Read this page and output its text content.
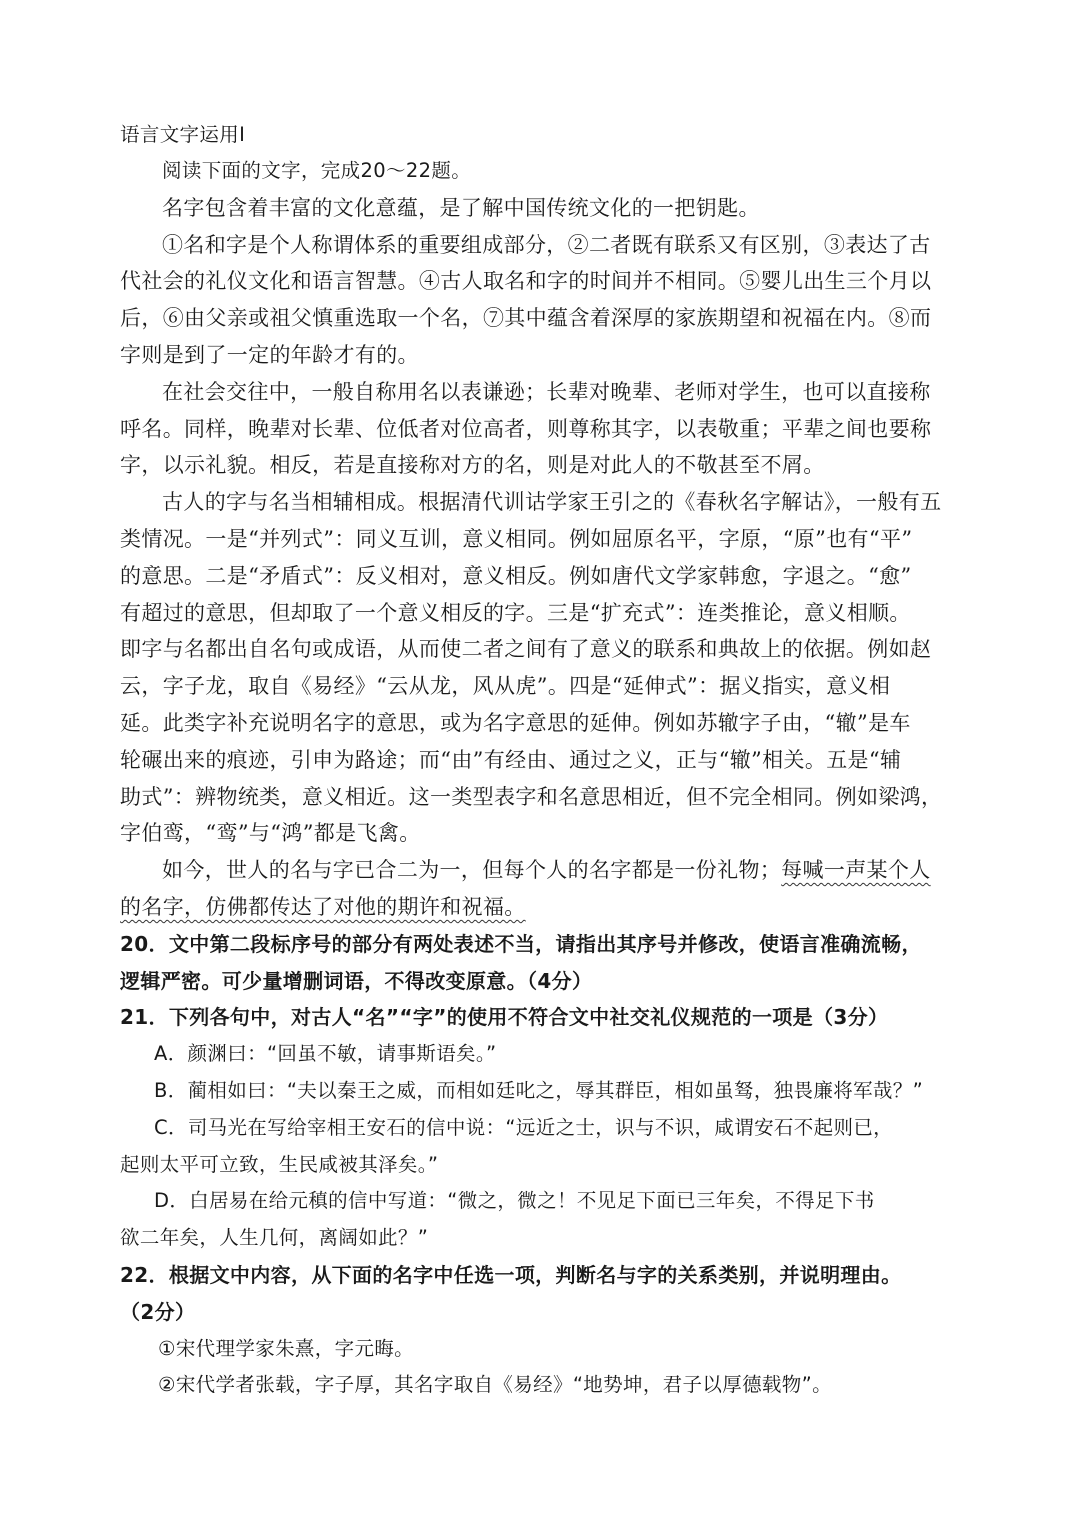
语言文字运用Ⅰ
阅读下面的文字，完成20～22题。
名字包含着丰富的文化意蕴，是了解中国传统文化的一把钥匙。
①名和字是个人称谓体系的重要组成部分，②二者既有联系又有区别，③表达了古
代社会的礼仪文化和语言智慧。④古人取名和字的时间并不相同。⑤婴儿出生三个月以
后，⑥由父亲或祖父慎重选取一个名，⑦其中蕴含着深厚的家族期望和祝福在内。⑧而
字则是到了一定的年龄才有的。
在社会交往中，一般自称用名以表谦逊；长辈对晚辈、老师对学生，也可以直接称
呼名。同样，晚辈对长辈、位低者对位高者，则尊称其字，以表敬重；平辈之间也要称
字，以示礼貌。相反，若是直接称对方的名，则是对此人的不敬甚至不屑。
古人的字与名当相辅相成。根据清代训诂学家王引之的《春秋名字解诂》，一般有五
类情况。一是“并列式”：同义互训，意义相同。例如屈原名平，字原，“原”也有“平”
的意思。二是“矛盾式”：反义相对，意义相反。例如唐代文学家韩愈，字退之。“愈”
有超过的意思，但却取了一个意义相反的字。三是“扩充式”：连类推论，意义相顺。
即字与名都出自名句或成语，从而使二者之间有了意义的联系和典故上的依据。例如赵
云，字子龙，取自《易经》“云从龙，风从虎”。四是“延伸式”：据义指实，意义相
延。此类字补充说明名字的意思，或为名字意思的延伸。例如苏辙字子由，“辙”是车
轮碾出来的痕迹，引申为路途；而“由”有经由、通过之义，正与“辙”相关。五是“辅
助式”：辨物统类，意义相近。这一类型表字和名意思相近，但不完全相同。例如梁鸿，
字伯鸾，“鸾”与“鸿”都是飞禽。
如今，世人的名与字已合二为一，但每个人的名字都是一份礼物；每喊一声某个人
的名字，仿佛都传达了对他的期许和祝福。
20．文中第二段标序号的部分有两处表述不当，请指出其序号并修改，使语言准确流畅，
逻辑严密。可少量增删词语，不得改变原意。（4分）
21．下列各句中，对古人“名”“字”的使用不符合文中社交礼仪规范的一项是（3分）
A．颜渊曰：“回虽不敏，请事斯语矣。”
B．蔺相如曰：“夫以秦王之威，而相如廷叱之，辱其群臣，相如虽驽，独畏廉将军哉？”
C．司马光在写给宰相王安石的信中说：“远近之士，识与不识，咸谓安石不起则已，
起则太平可立致，生民咸被其泽矣。”
D．白居易在给元稹的信中写道：“微之，微之！不见足下面已三年矣，不得足下书
欲二年矣，人生几何，离阔如此？”
22．根据文中内容，从下面的名字中任选一项，判断名与字的关系类别，并说明理由。
（2分）
①宋代理学家朱熹，字元晦。
②宋代学者张载，字子厚，其名字取自《易经》“地势坤，君子以厚德载物”。
